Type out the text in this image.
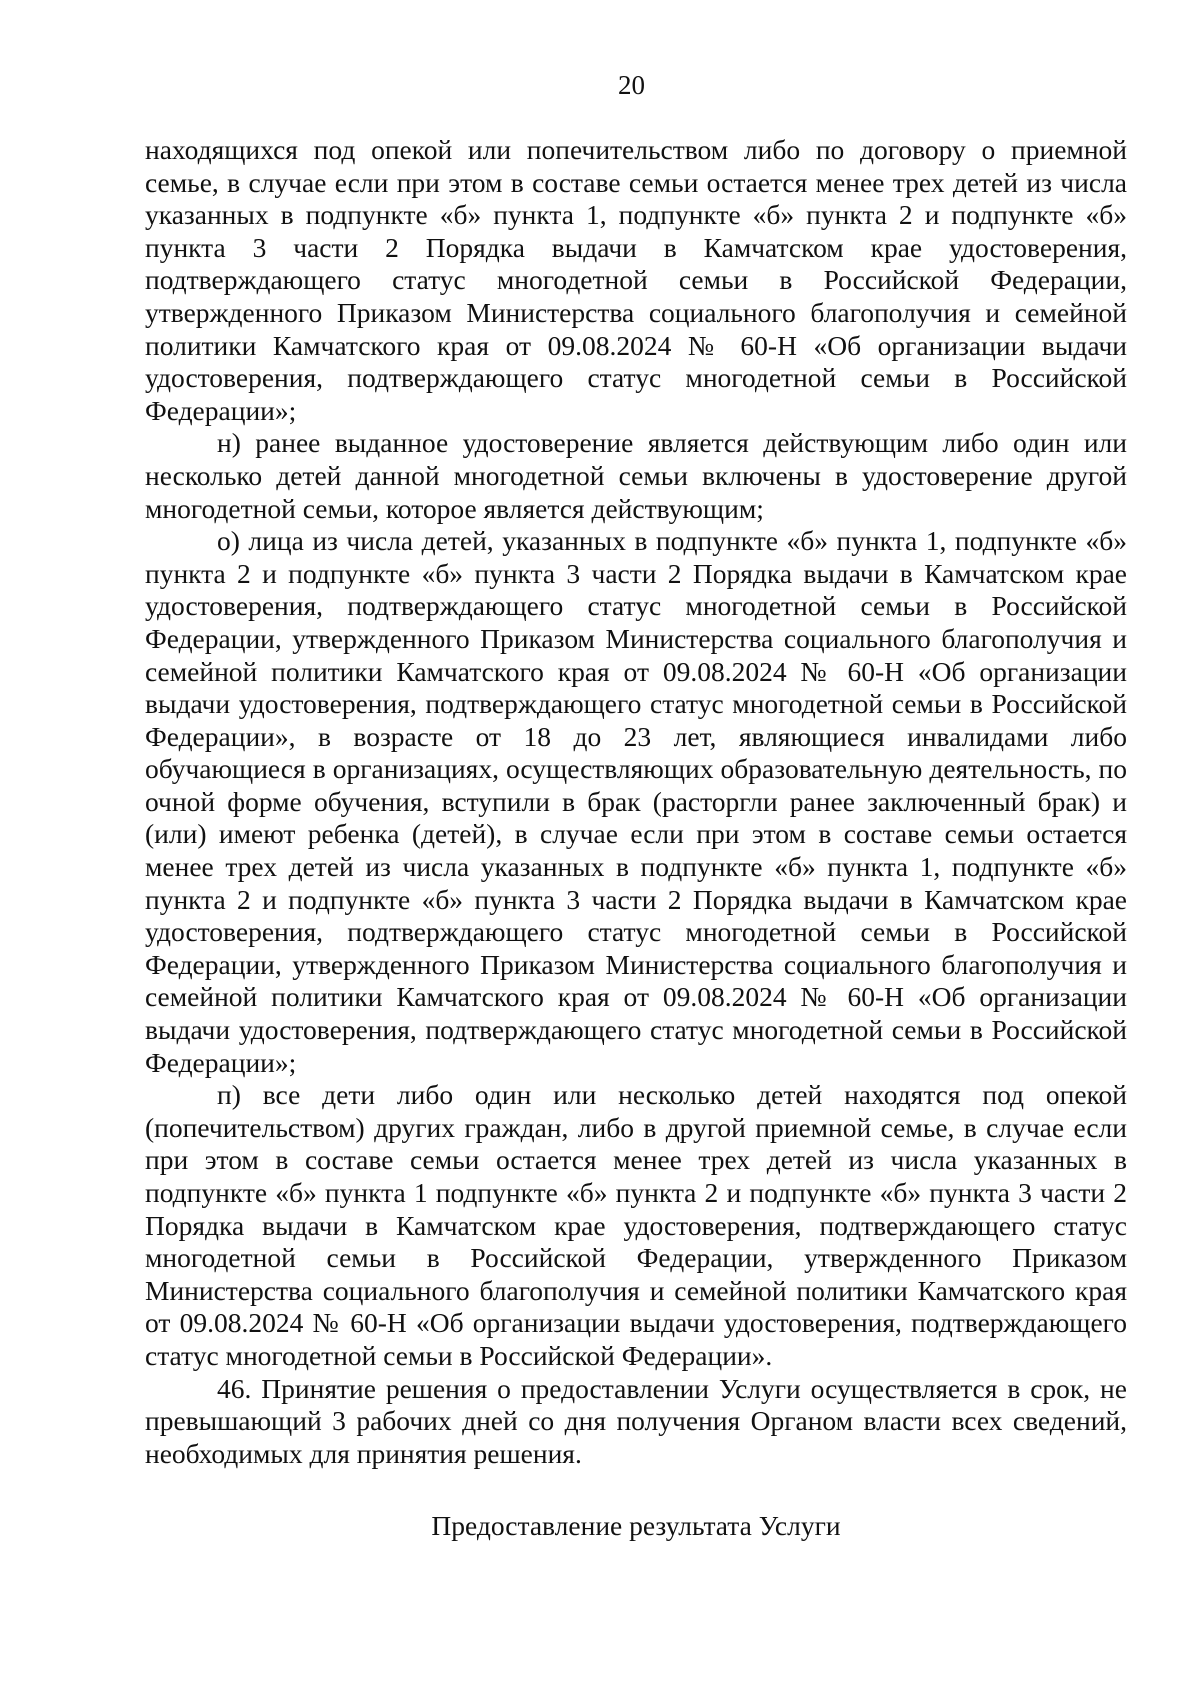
20

находящихся под опекой или попечительством либо по договору о приемной семье, в случае если при этом в составе семьи остается менее трех детей из числа указанных в подпункте «б» пункта 1, подпункте «б» пункта 2 и подпункте «б» пункта 3 части 2 Порядка выдачи в Камчатском крае удостоверения, подтверждающего статус многодетной семьи в Российской Федерации, утвержденного Приказом Министерства социального благополучия и семейной политики Камчатского края от 09.08.2024 № 60-Н «Об организации выдачи удостоверения, подтверждающего статус многодетной семьи в Российской Федерации»;

н) ранее выданное удостоверение является действующим либо один или несколько детей данной многодетной семьи включены в удостоверение другой многодетной семьи, которое является действующим;

о) лица из числа детей, указанных в подпункте «б» пункта 1, подпункте «б» пункта 2 и подпункте «б» пункта 3 части 2 Порядка выдачи в Камчатском крае удостоверения, подтверждающего статус многодетной семьи в Российской Федерации, утвержденного Приказом Министерства социального благополучия и семейной политики Камчатского края от 09.08.2024 № 60-Н «Об организации выдачи удостоверения, подтверждающего статус многодетной семьи в Российской Федерации», в возрасте от 18 до 23 лет, являющиеся инвалидами либо обучающиеся в организациях, осуществляющих образовательную деятельность, по очной форме обучения, вступили в брак (расторгли ранее заключенный брак) и (или) имеют ребенка (детей), в случае если при этом в составе семьи остается менее трех детей из числа указанных в подпункте «б» пункта 1, подпункте «б» пункта 2 и подпункте «б» пункта 3 части 2 Порядка выдачи в Камчатском крае удостоверения, подтверждающего статус многодетной семьи в Российской Федерации, утвержденного Приказом Министерства социального благополучия и семейной политики Камчатского края от 09.08.2024 № 60-Н «Об организации выдачи удостоверения, подтверждающего статус многодетной семьи в Российской Федерации»;

п) все дети либо один или несколько детей находятся под опекой (попечительством) других граждан, либо в другой приемной семье, в случае если при этом в составе семьи остается менее трех детей из числа указанных в подпункте «б» пункта 1 подпункте «б» пункта 2 и подпункте «б» пункта 3 части 2 Порядка выдачи в Камчатском крае удостоверения, подтверждающего статус многодетной семьи в Российской Федерации, утвержденного Приказом Министерства социального благополучия и семейной политики Камчатского края от 09.08.2024 № 60-Н «Об организации выдачи удостоверения, подтверждающего статус многодетной семьи в Российской Федерации».

46. Принятие решения о предоставлении Услуги осуществляется в срок, не превышающий 3 рабочих дней со дня получения Органом власти всех сведений, необходимых для принятия решения.

Предоставление результата Услуги
